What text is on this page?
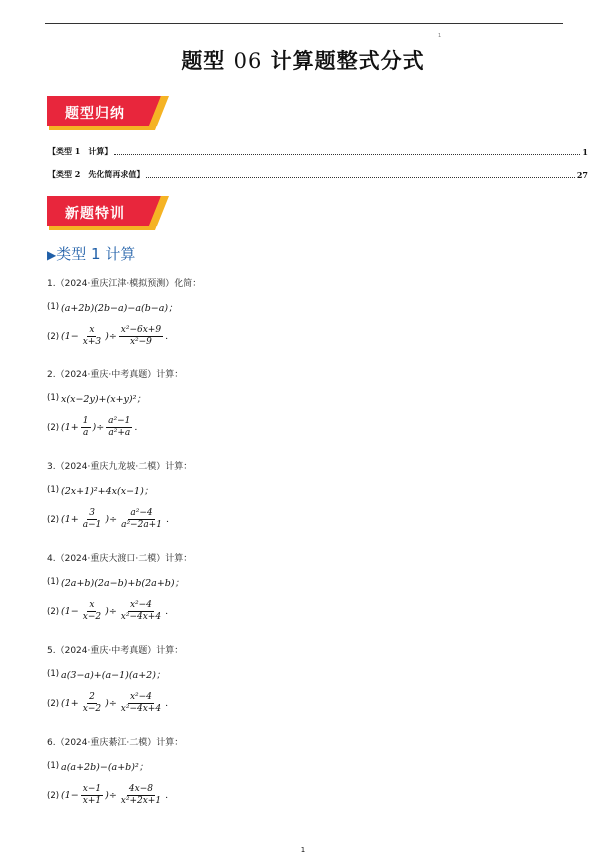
1
题型 06 计算题整式分式
题型归纳
【类型 1　计算】	1
【类型 2　先化简再求值】	27
新题特训
▶类型 1 计算
1.（2024·重庆江津·模拟预测）化简：
(1) (a+2b)(2b−a)−a(b−a)；
(2) ($1- \frac{x}{x+3}$ )÷ $\frac{\text{x²−6x+9}}{\text{x²−9}}$ .
2.（2024·重庆·中考真题）计算：
(1) x(x−2y)+(x+y)²；
(2) ($1+ \frac{1}{a}$ )÷ $\frac{\text{a²−1}}{\text{a²+a}}$ .
3.（2024·重庆九龙坡·二模）计算：
(1) (2x+1)²+4x(x−1)；
(2) ($1+ \frac{3}{a-1}$ )÷ $\frac{\text{a²−4}}{\text{a²−2a+1}}$ .
4.（2024·重庆大渡口·二模）计算：
(1) (2a+b)(2a−b)+b(2a+b)；
(2) ($1- \frac{x}{x-2}$ )÷ $\frac{\text{x²−4}}{\text{x²−4x+4}}$ .
5.（2024·重庆·中考真题）计算：
(1) a(3−a)+(a−1)(a+2)；
(2) ($1+ \frac{2}{x-2}$ )÷ $\frac{\text{x²−4}}{\text{x²−4x+4}}$ .
6.（2024·重庆綦江·二模）计算：
(1) a(a+2b)−(a+b)²；
(2) ($1- \frac{x-1}{x+1}$ )÷ $\frac{4x-8}{\text{x²+2x+1}}$ .
1
